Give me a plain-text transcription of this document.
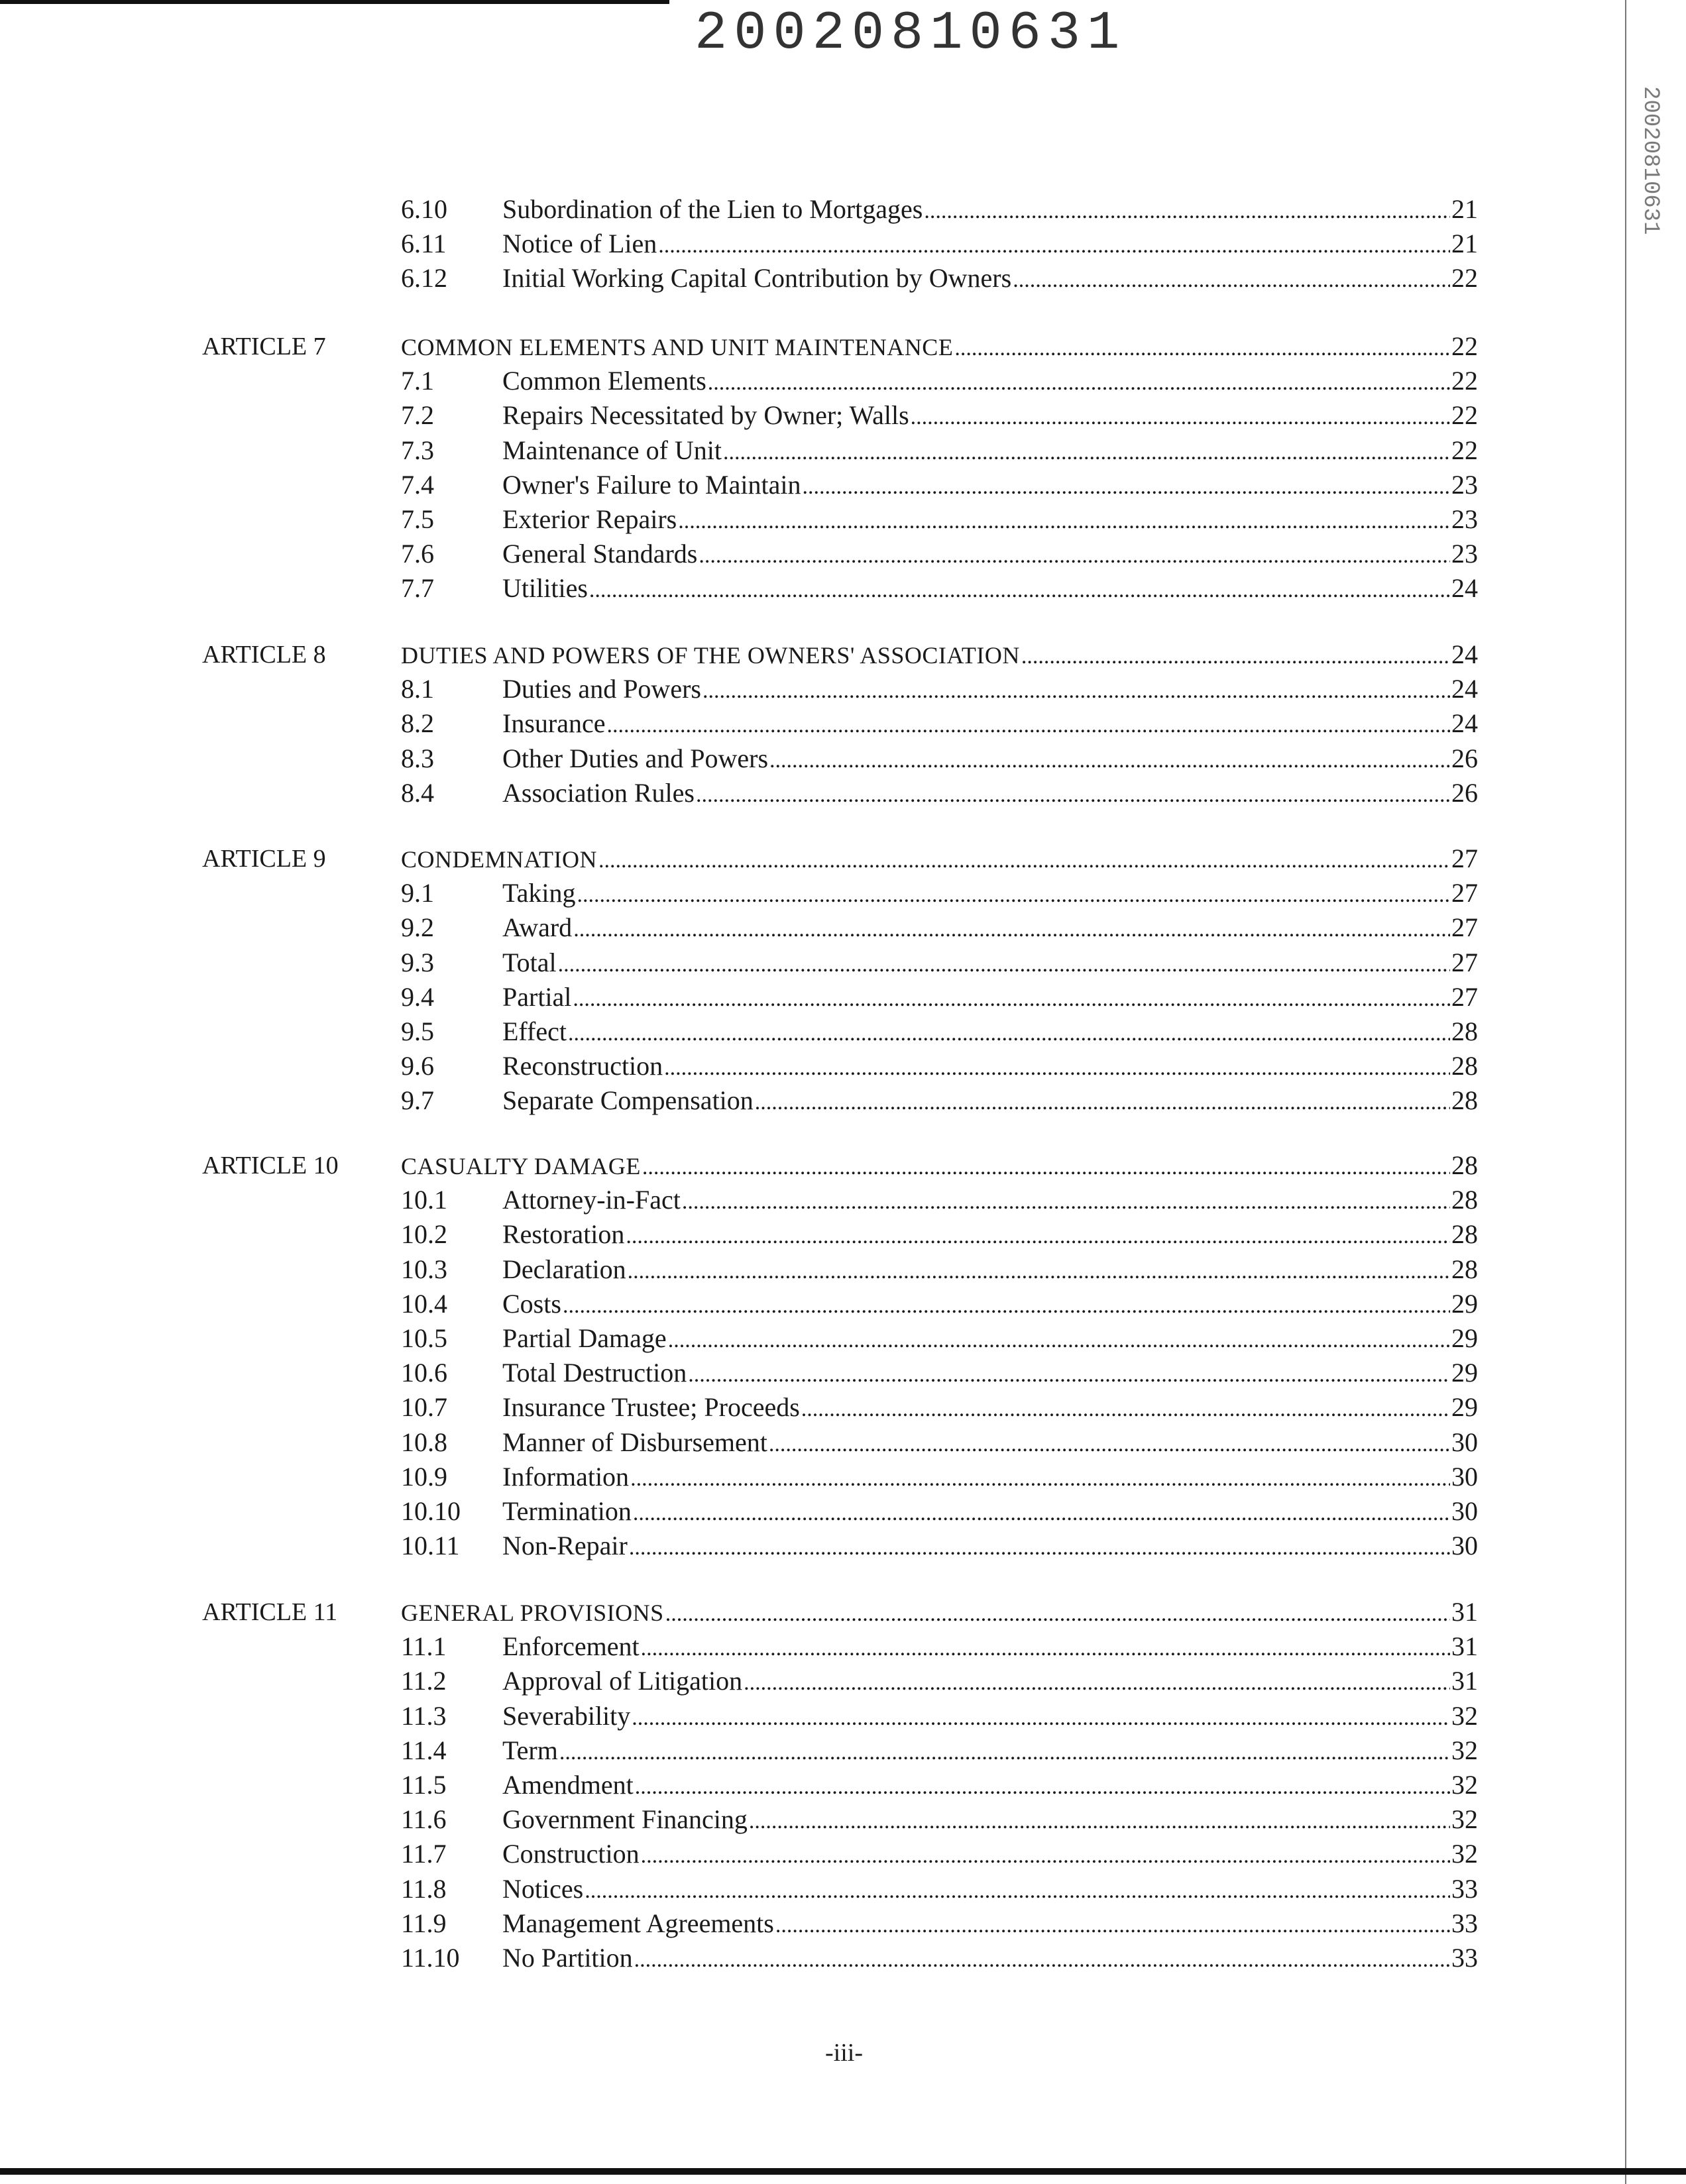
20020810631
20020810631
6.10 Subordination of the Lien to Mortgages .....	21
6.11 Notice of Lien .....	21
6.12 Initial Working Capital Contribution by Owners .....	22
ARTICLE 7	COMMON ELEMENTS AND UNIT MAINTENANCE .....	22
7.1	Common Elements .....	22
7.2	Repairs Necessitated by Owner; Walls .....	22
7.3	Maintenance of Unit .....	22
7.4	Owner's Failure to Maintain .....	23
7.5	Exterior Repairs .....	23
7.6	General Standards .....	23
7.7	Utilities .....	24
ARTICLE 8	DUTIES AND POWERS OF THE OWNERS' ASSOCIATION .....	24
8.1	Duties and Powers .....	24
8.2	Insurance .....	24
8.3	Other Duties and Powers .....	26
8.4	Association Rules .....	26
ARTICLE 9	CONDEMNATION .....	27
9.1	Taking .....	27
9.2	Award .....	27
9.3	Total .....	27
9.4	Partial .....	27
9.5	Effect .....	28
9.6	Reconstruction .....	28
9.7	Separate Compensation .....	28
ARTICLE 10	CASUALTY DAMAGE .....	28
10.1 Attorney-in-Fact .....	28
10.2 Restoration .....	28
10.3 Declaration .....	28
10.4 Costs .....	29
10.5 Partial Damage .....	29
10.6 Total Destruction .....	29
10.7 Insurance Trustee; Proceeds .....	29
10.8 Manner of Disbursement .....	30
10.9 Information .....	30
10.10 Termination .....	30
10.11 Non-Repair .....	30
ARTICLE 11	GENERAL PROVISIONS .....	31
11.1 Enforcement .....	31
11.2 Approval of Litigation .....	31
11.3 Severability .....	32
11.4 Term .....	32
11.5 Amendment .....	32
11.6 Government Financing .....	32
11.7 Construction .....	32
11.8 Notices .....	33
11.9 Management Agreements .....	33
11.10 No Partition .....	33
-iii-
